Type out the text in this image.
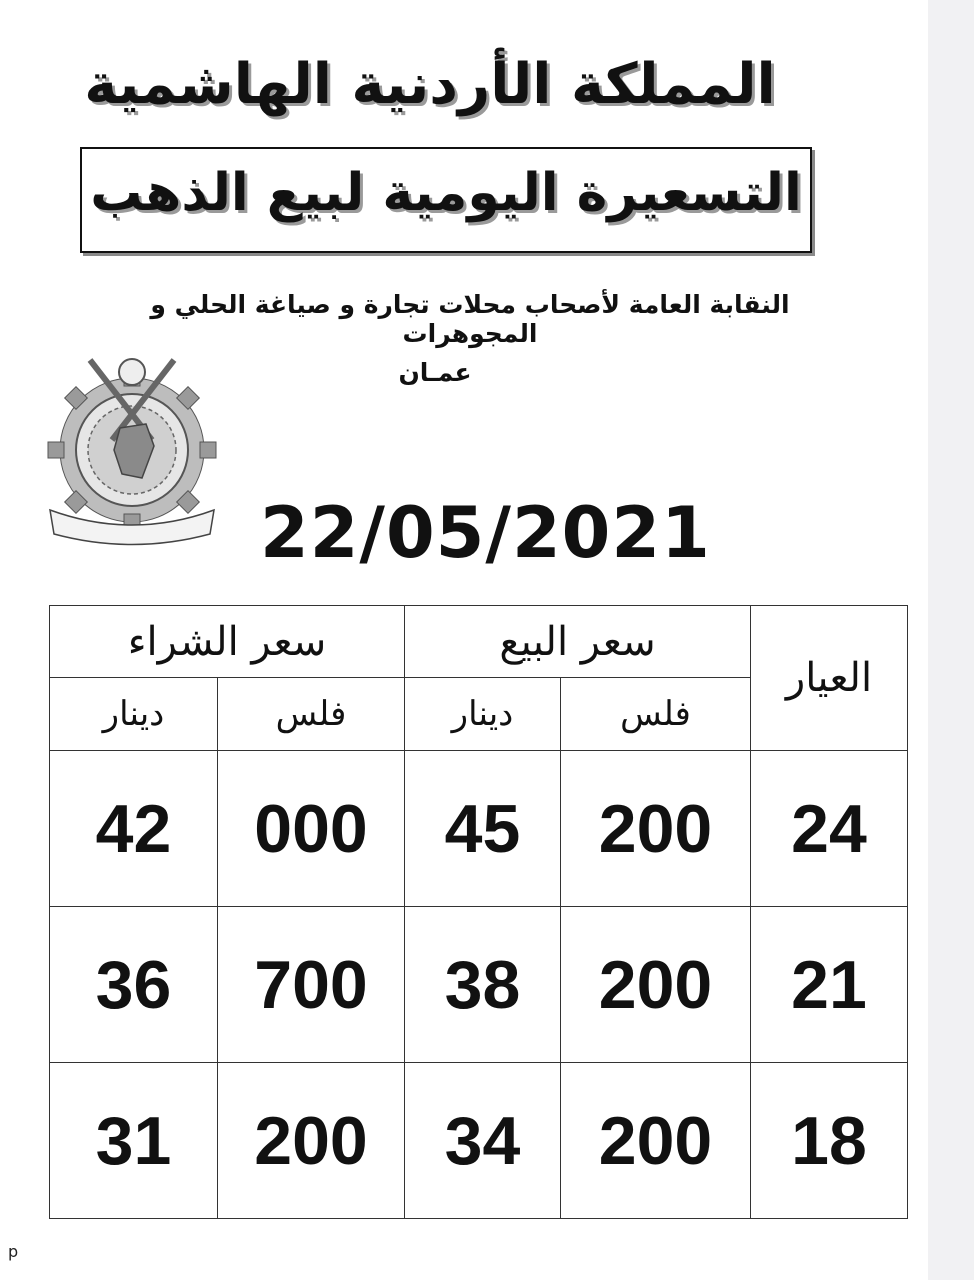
المملكة الأردنية الهاشمية
التسعيرة اليومية لبيع الذهب
النقابة العامة لأصحاب محلات تجارة و صياغة الحلي و المجوهرات
عمـان
22/05/2021
سعر الشراء		سعر البيع		العيار
دينار	فلس	دينار	فلس	
42	000	45	200	24
36	700	38	200	21
31	200	34	200	18
p
